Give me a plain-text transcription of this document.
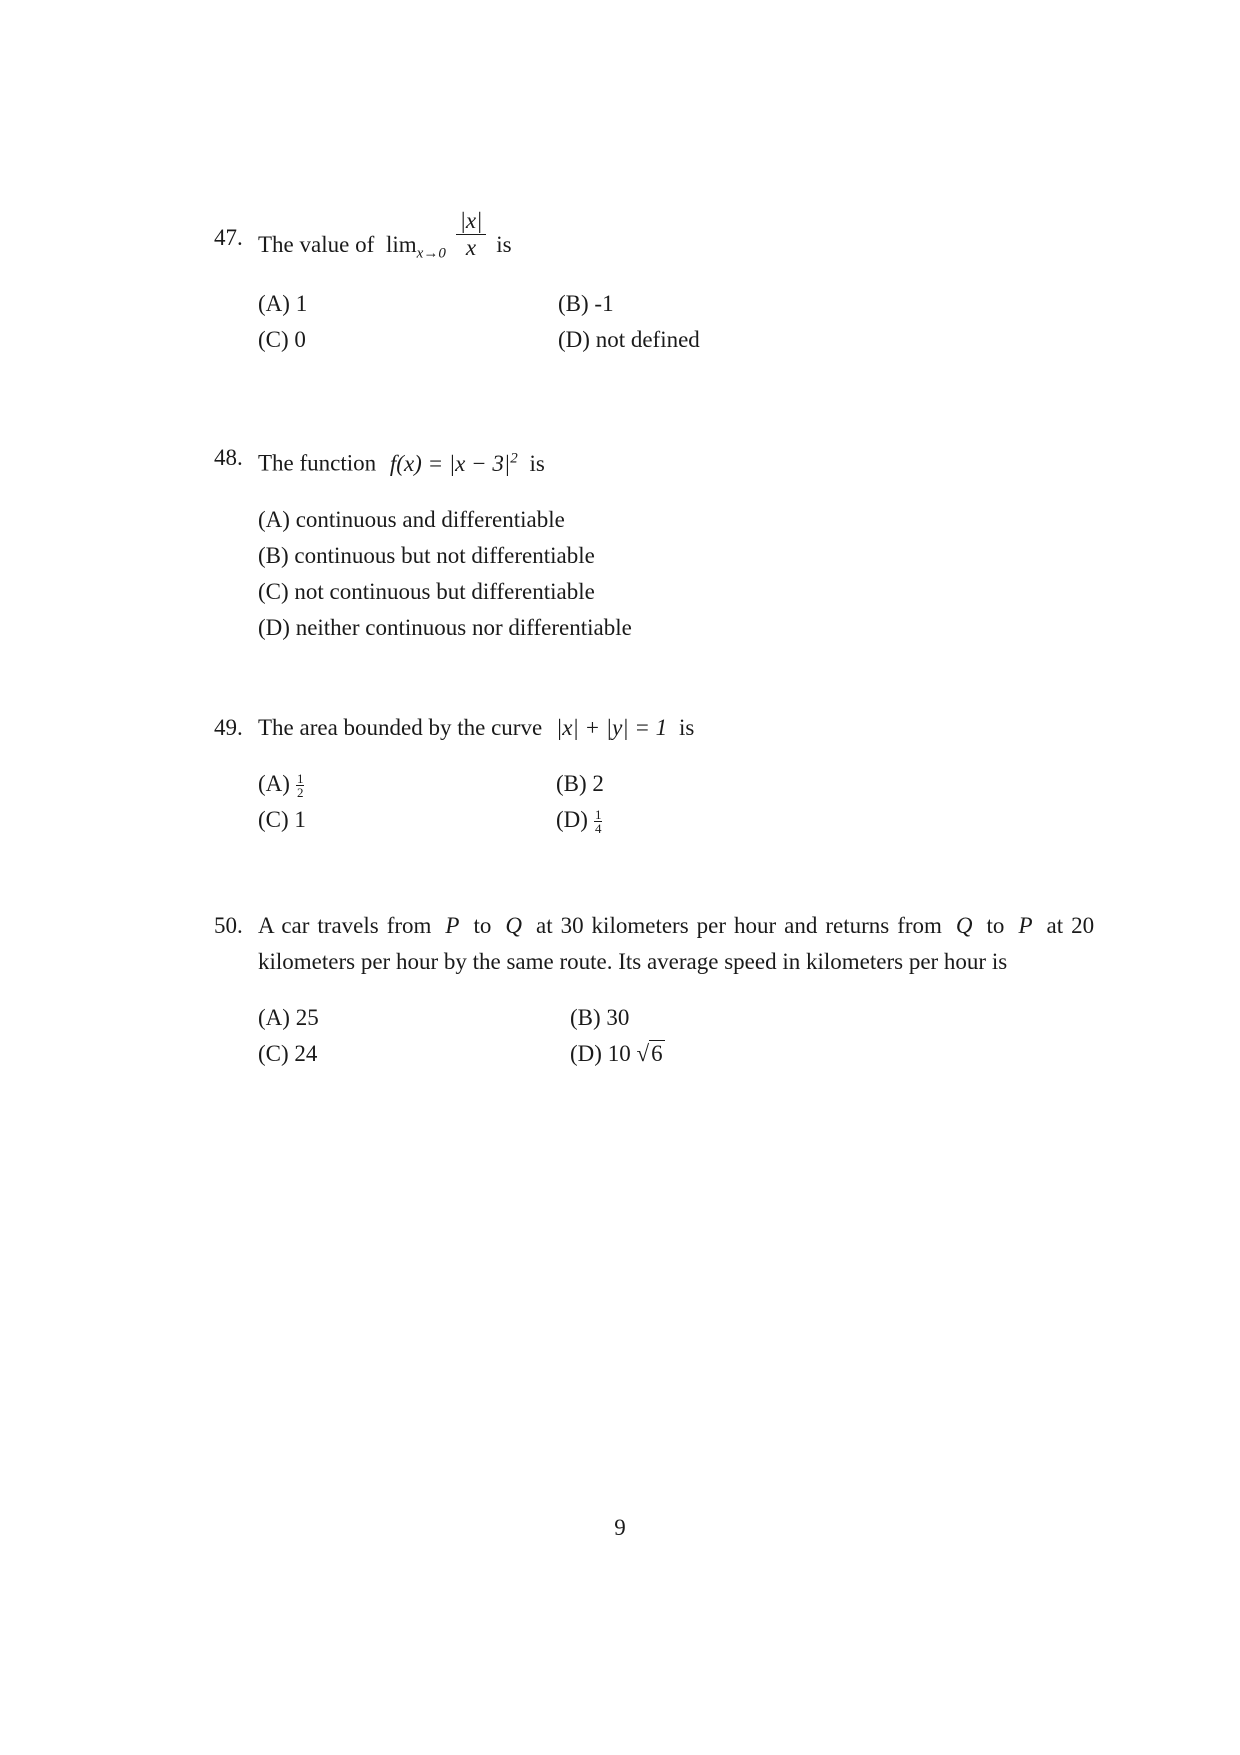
47. The value of $\lim_{x\to 0} \frac{|x|}{x}$ is
(A) 1	(B) -1
(C) 0	(D) not defined
48. The function $f(x) = |x - 3|^2$ is
(A) continuous and differentiable
(B) continuous but not differentiable
(C) not continuous but differentiable
(D) neither continuous nor differentiable
49. The area bounded by the curve |x| + |y| = 1 is
$(A) \frac{1}{2}$	(B) 2
(C) 1	$(D) \frac{1}{4}$
50. A car travels from P to Q at 30 kilometers per hour and returns from Q to P at 20 kilometers per hour by the same route. Its average speed in kilometers per hour is
(A) 25	(B) 30
(C) 24	(D) 10 √6
9
